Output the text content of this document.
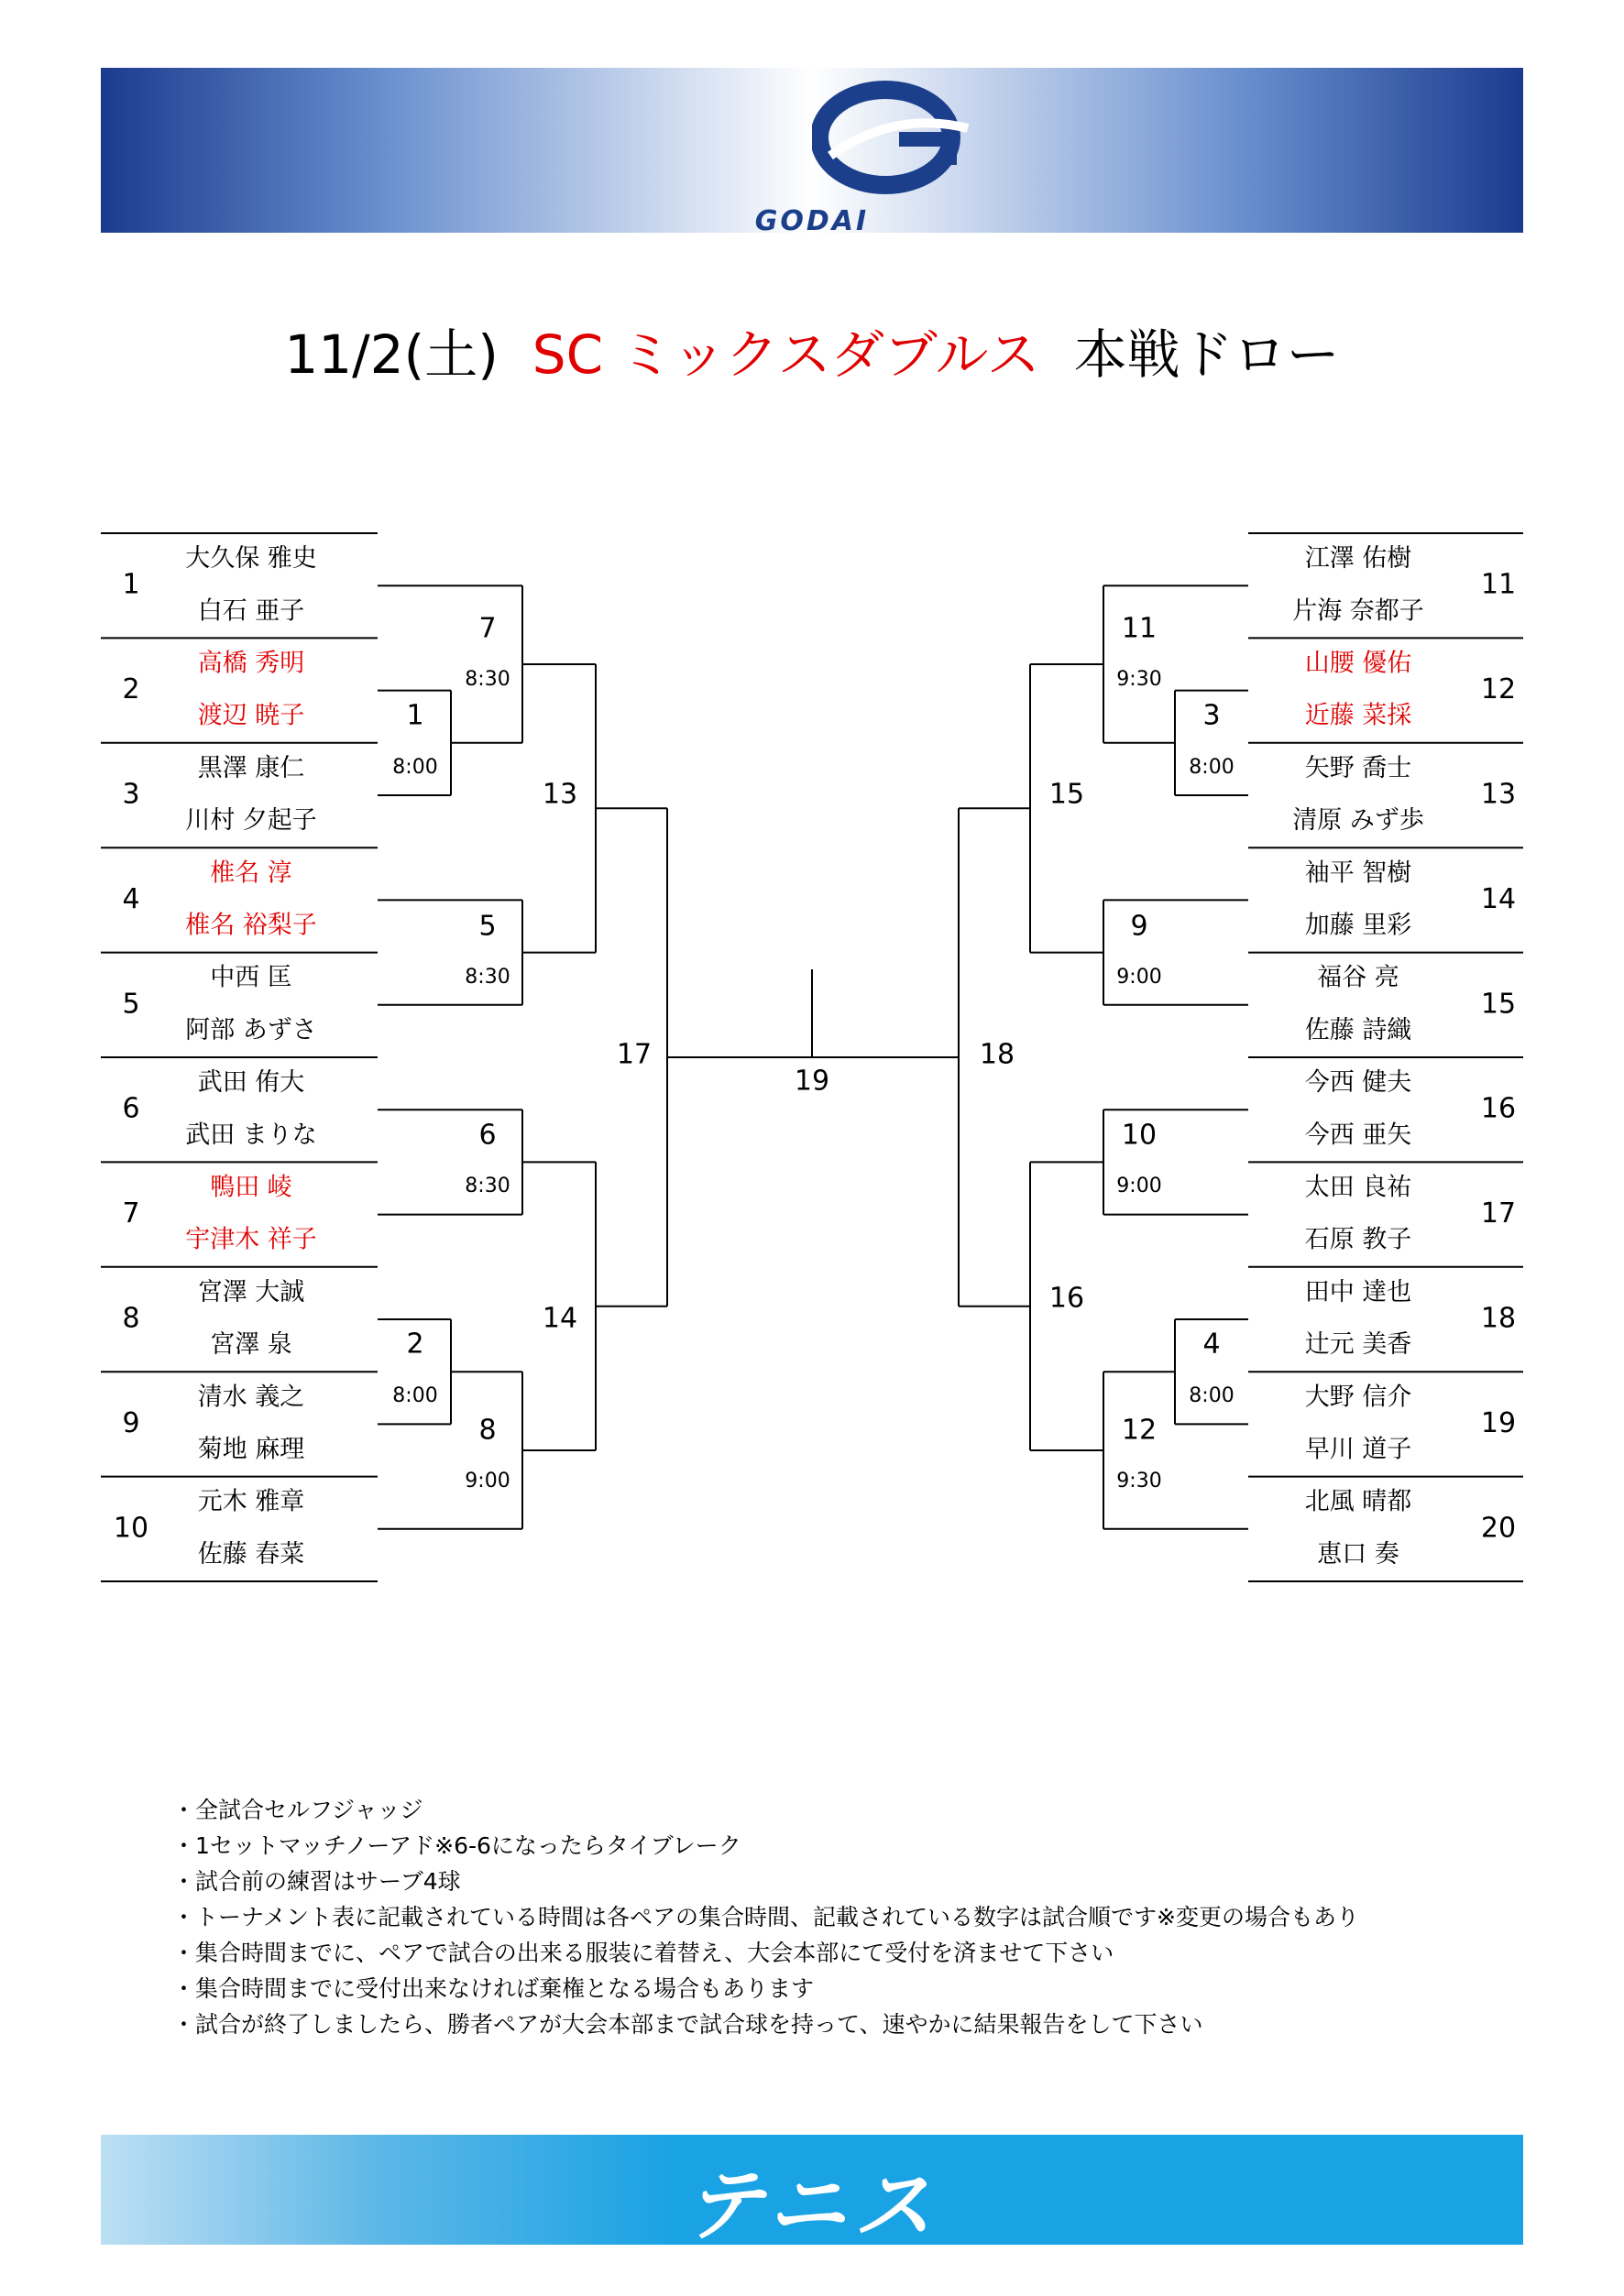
GODAI
11/2(土) SC ミックスダブルス 本戦ドロー
大久保 雅史
白石 亜子
1
高橋 秀明
渡辺 暁子
2
黒澤 康仁
川村 夕起子
3
椎名 淳
椎名 裕梨子
4
中西 匡
阿部 あずさ
5
武田 侑大
武田 まりな
6
鴨田 崚
宇津木 祥子
7
宮澤 大誠
宮澤 泉
8
清水 義之
菊地 麻理
9
元木 雅章
佐藤 春菜
10
江澤 佑樹
片海 奈都子
11
山腰 優佑
近藤 菜採
12
矢野 喬士
清原 みず歩
13
袖平 智樹
加藤 里彩
14
福谷 亮
佐藤 詩織
15
今西 健夫
今西 亜矢
16
太田 良祐
石原 教子
17
田中 達也
辻元 美香
18
大野 信介
早川 道子
19
北風 晴都
恵口 奏
20
1
8:00
7
8:30
5
8:30
13
2
8:00
8
9:00
6
8:30
14
17
3
8:00
11
9:30
9
9:00
15
10
9:00
4
8:00
12
9:30
16
18
19
・全試合セルフジャッジ
・1セットマッチノーアド※6-6になったらタイブレーク
・試合前の練習はサーブ4球
・トーナメント表に記載されている時間は各ペアの集合時間、記載されている数字は試合順です※変更の場合もあり
・集合時間までに、ペアで試合の出来る服装に着替え、大会本部にて受付を済ませて下さい
・集合時間までに受付出来なければ棄権となる場合もあります
・試合が終了しましたら、勝者ペアが大会本部まで試合球を持って、速やかに結果報告をして下さい
テニス
